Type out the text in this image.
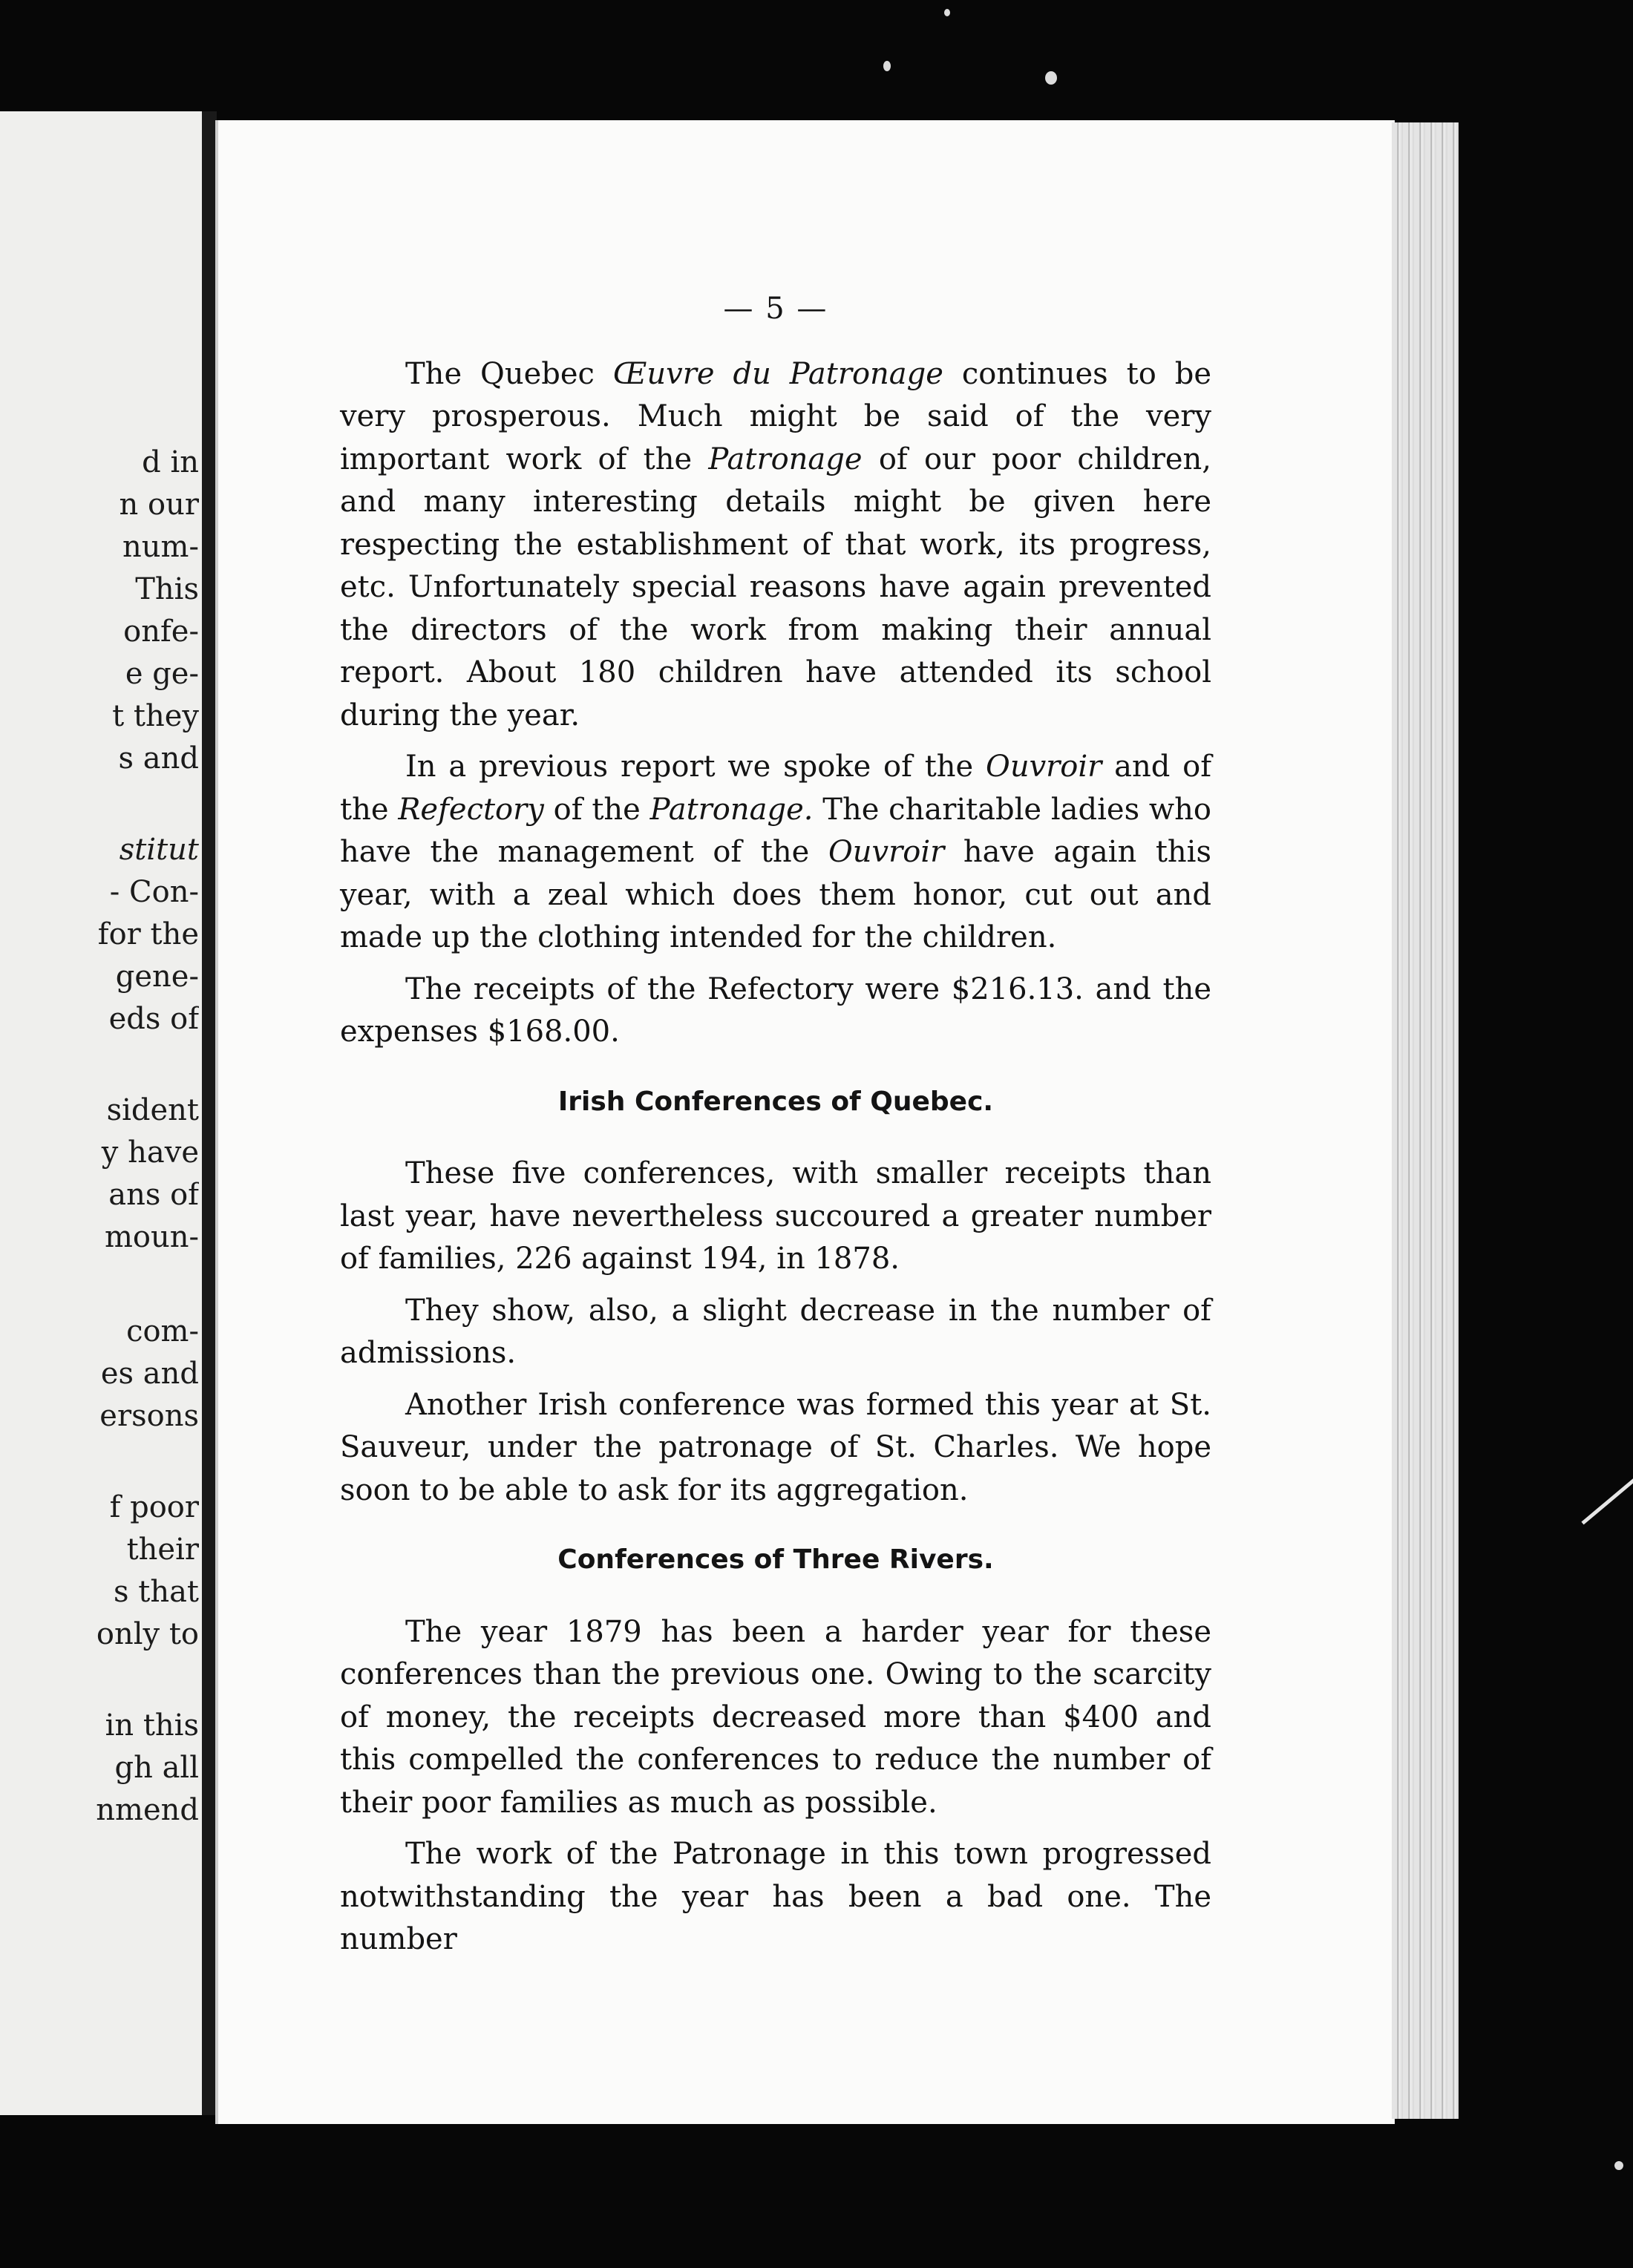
d in
n our
num-
This
onfe-
e ge-
t they
s and
stitut
- Con-
for the
gene-
eds of
sident
y have
ans of
moun-
com-
es and
ersons
f poor
their
s that
only to
in this
gh all
nmend
— 5 —

The Quebec Œuvre du Patronage continues to be very prosperous. Much might be said of the very important work of the Patronage of our poor children, and many interesting details might be given here respecting the establishment of that work, its progress, etc. Unfortunately special reasons have again prevented the directors of the work from making their annual report. About 180 children have attended its school during the year.

In a previous report we spoke of the Ouvroir and of the Refectory of the Patronage. The charitable ladies who have the management of the Ouvroir have again this year, with a zeal which does them honor, cut out and made up the clothing intended for the children.

The receipts of the Refectory were $216.13. and the expenses $168.00.

Irish Conferences of Quebec.

These five conferences, with smaller receipts than last year, have nevertheless succoured a greater number of families, 226 against 194, in 1878.

They show, also, a slight decrease in the number of admissions.

Another Irish conference was formed this year at St. Sauveur, under the patronage of St. Charles. We hope soon to be able to ask for its aggregation.

Conferences of Three Rivers.

The year 1879 has been a harder year for these conferences than the previous one. Owing to the scarcity of money, the receipts decreased more than $400 and this compelled the conferences to reduce the number of their poor families as much as possible.

The work of the Patronage in this town progressed notwithstanding the year has been a bad one. The number
